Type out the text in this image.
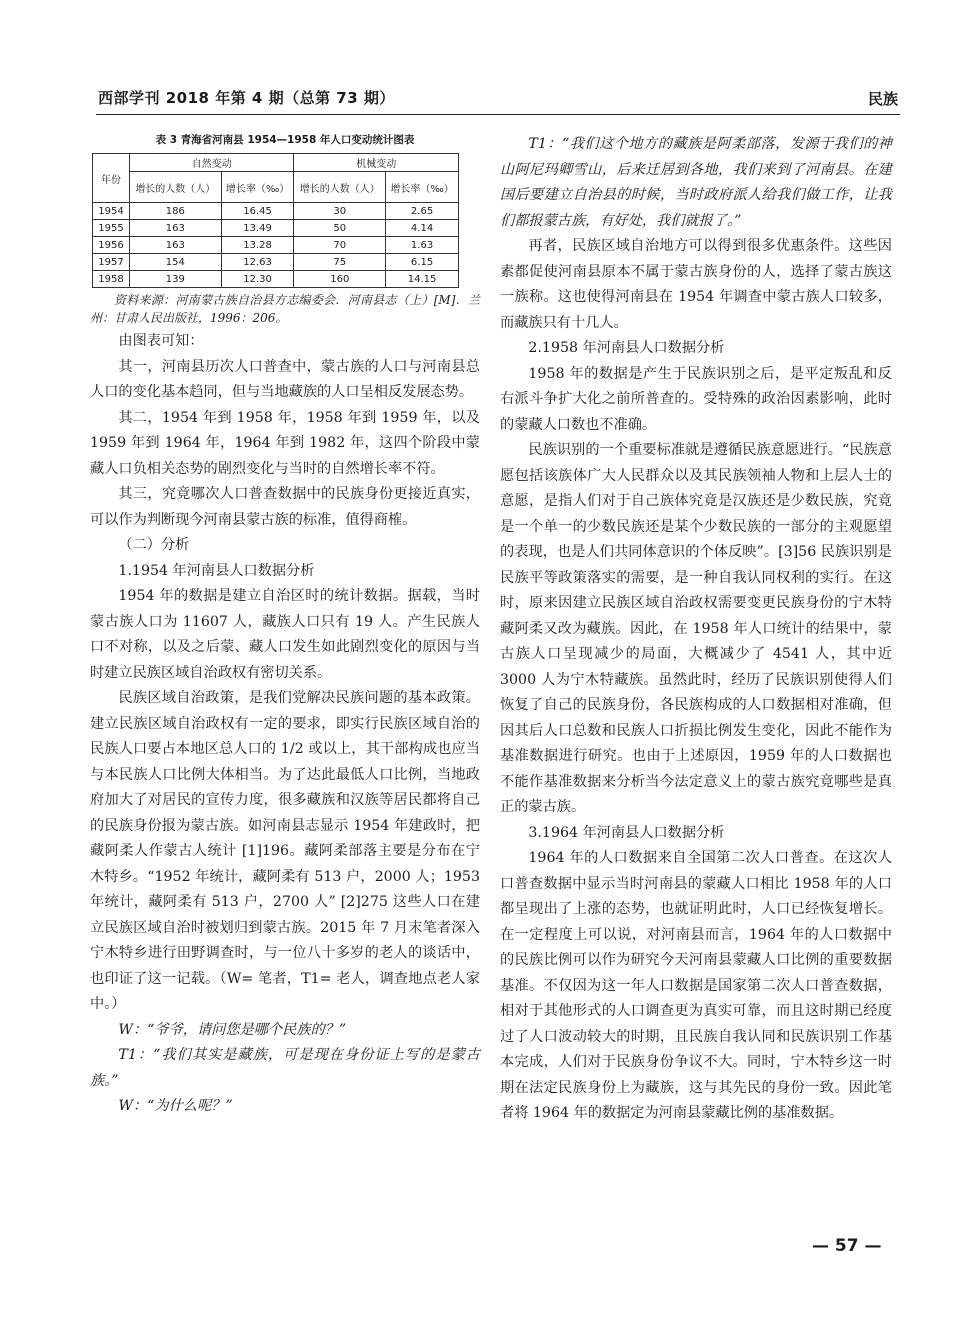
西部学刊 2018 年第 4 期（总第 73 期）	民族
表 3 青海省河南县 1954—1958 年人口变动统计图表
年份	自然变动		机械变动	
	增长的人数（人）	增长率（‰）	增长的人数（人）	增长率（‰）
1954	186	16.45	30	2.65
1955	163	13.49	50	4.14
1956	163	13.28	70	1.63
1957	154	12.63	75	6.15
1958	139	12.30	160	14.15

资料来源：河南蒙古族自治县方志编委会．河南县志（上）[M]．兰州：甘肃人民出版社，1996：206。

由图表可知：

其一，河南县历次人口普查中，蒙古族的人口与河南县总人口的变化基本趋同，但与当地藏族的人口呈相反发展态势。

其二，1954 年到 1958 年，1958 年到 1959 年，以及 1959 年到 1964 年，1964 年到 1982 年，这四个阶段中蒙藏人口负相关态势的剧烈变化与当时的自然增长率不符。

其三，究竟哪次人口普查数据中的民族身份更接近真实，可以作为判断现今河南县蒙古族的标准，值得商榷。

（二）分析

1.1954 年河南县人口数据分析

1954 年的数据是建立自治区时的统计数据。据载，当时蒙古族人口为 11607 人，藏族人口只有 19 人。产生民族人口不对称，以及之后蒙、藏人口发生如此剧烈变化的原因与当时建立民族区域自治政权有密切关系。

民族区域自治政策，是我们党解决民族问题的基本政策。建立民族区域自治政权有一定的要求，即实行民族区域自治的民族人口要占本地区总人口的 1/2 或以上，其干部构成也应当与本民族人口比例大体相当。为了达此最低人口比例，当地政府加大了对居民的宣传力度，很多藏族和汉族等居民都将自己的民族身份报为蒙古族。如河南县志显示 1954 年建政时，把藏阿柔人作蒙古人统计 [1]196。藏阿柔部落主要是分布在宁木特乡。“1952 年统计，藏阿柔有 513 户，2000 人；1953 年统计，藏阿柔有 513 户，2700 人” [2]275 这些人口在建立民族区域自治时被划归到蒙古族。2015 年 7 月末笔者深入宁木特乡进行田野调查时，与一位八十多岁的老人的谈话中，也印证了这一记载。（W= 笔者，T1= 老人，调查地点老人家中。）

W：“爷爷，请问您是哪个民族的？”

T1：“我们其实是藏族，可是现在身份证上写的是蒙古族。”

W：“为什么呢？”

T1：“我们这个地方的藏族是阿柔部落，发源于我们的神山阿尼玛卿雪山，后来迁居到各地，我们来到了河南县。在建国后要建立自治县的时候，当时政府派人给我们做工作，让我们都报蒙古族，有好处，我们就报了。”

再者，民族区域自治地方可以得到很多优惠条件。这些因素都促使河南县原本不属于蒙古族身份的人，选择了蒙古族这一族称。这也使得河南县在 1954 年调查中蒙古族人口较多，而藏族只有十几人。

2.1958 年河南县人口数据分析

1958 年的数据是产生于民族识别之后，是平定叛乱和反右派斗争扩大化之前所普查的。受特殊的政治因素影响，此时的蒙藏人口数也不准确。

民族识别的一个重要标准就是遵循民族意愿进行。“民族意愿包括该族体广大人民群众以及其民族领袖人物和上层人士的意愿，是指人们对于自己族体究竟是汉族还是少数民族，究竟是一个单一的少数民族还是某个少数民族的一部分的主观愿望的表现，也是人们共同体意识的个体反映”。[3]56 民族识别是民族平等政策落实的需要，是一种自我认同权利的实行。在这时，原来因建立民族区域自治政权需要变更民族身份的宁木特藏阿柔又改为藏族。因此，在 1958 年人口统计的结果中，蒙古族人口呈现减少的局面，大概减少了 4541 人，其中近 3000 人为宁木特藏族。虽然此时，经历了民族识别使得人们恢复了自己的民族身份，各民族构成的人口数据相对准确，但因其后人口总数和民族人口折损比例发生变化，因此不能作为基准数据进行研究。也由于上述原因，1959 年的人口数据也不能作基准数据来分析当今法定意义上的蒙古族究竟哪些是真正的蒙古族。

3.1964 年河南县人口数据分析

1964 年的人口数据来自全国第二次人口普查。在这次人口普查数据中显示当时河南县的蒙藏人口相比 1958 年的人口都呈现出了上涨的态势，也就证明此时，人口已经恢复增长。在一定程度上可以说，对河南县而言，1964 年的人口数据中的民族比例可以作为研究今天河南县蒙藏人口比例的重要数据基准。不仅因为这一年人口数据是国家第二次人口普查数据，相对于其他形式的人口调查更为真实可靠，而且这时期已经度过了人口波动较大的时期，且民族自我认同和民族识别工作基本完成，人们对于民族身份争议不大。同时，宁木特乡这一时期在法定民族身份上为藏族，这与其先民的身份一致。因此笔者将 1964 年的数据定为河南县蒙藏比例的基准数据。

— 57 —
